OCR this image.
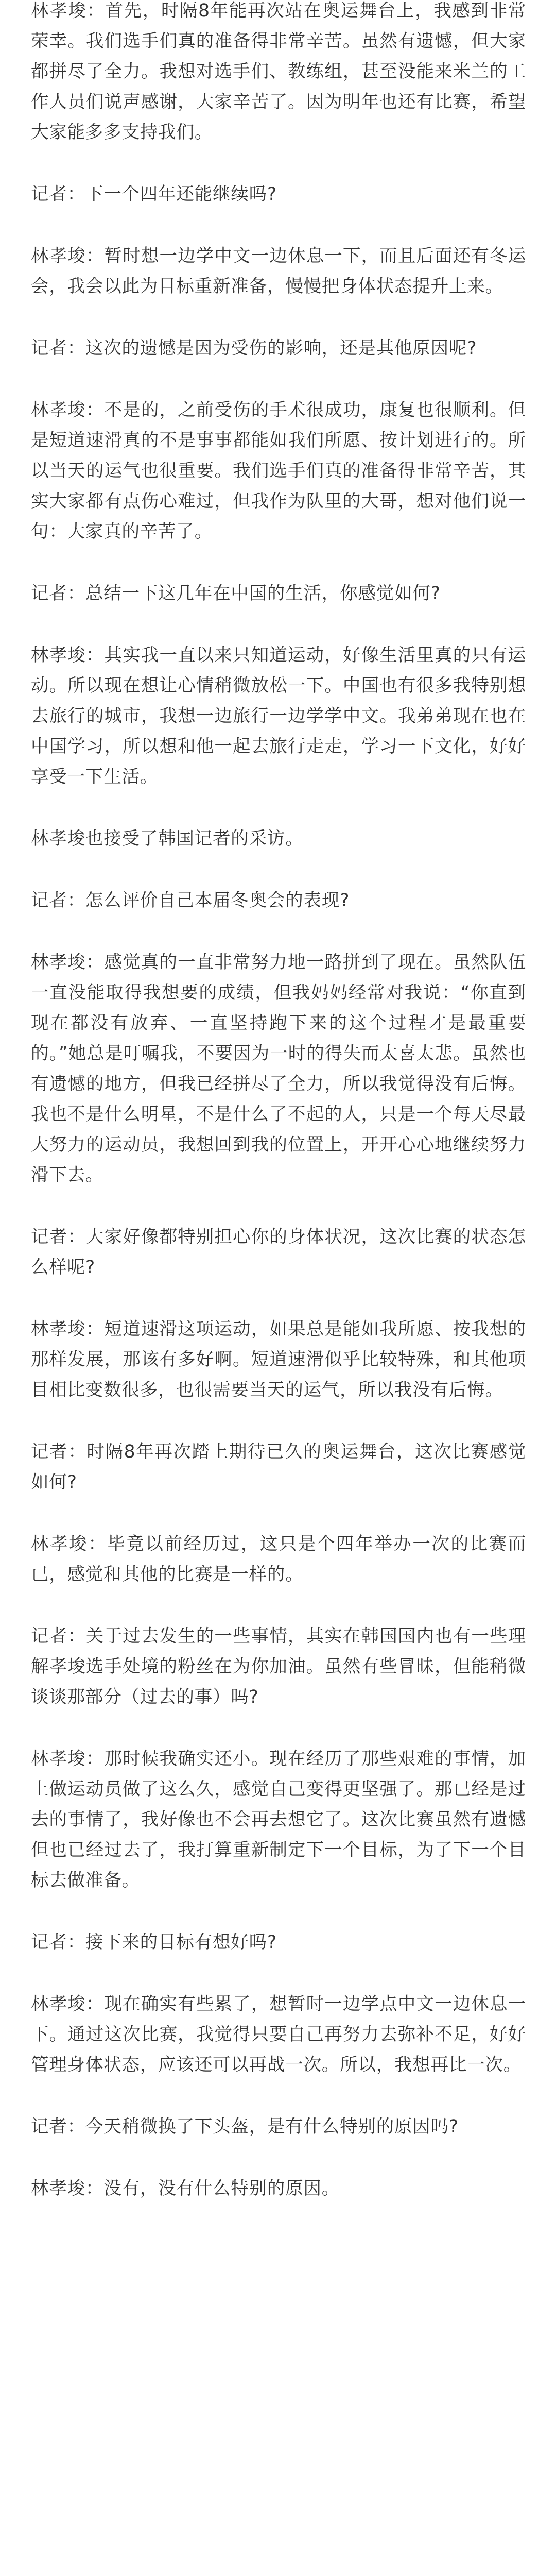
林孝埈：首先，时隔8年能再次站在奥运舞台上，我感到非常荣幸。我们选手们真的准备得非常辛苦。虽然有遗憾，但大家都拼尽了全力。我想对选手们、教练组，甚至没能来米兰的工作人员们说声感谢，大家辛苦了。因为明年也还有比赛，希望大家能多多支持我们。

记者：下一个四年还能继续吗?

林孝埈：暂时想一边学中文一边休息一下，而且后面还有冬运会，我会以此为目标重新准备，慢慢把身体状态提升上来。

记者：这次的遗憾是因为受伤的影响，还是其他原因呢?

林孝埈：不是的，之前受伤的手术很成功，康复也很顺利。但是短道速滑真的不是事事都能如我们所愿、按计划进行的。所以当天的运气也很重要。我们选手们真的准备得非常辛苦，其实大家都有点伤心难过，但我作为队里的大哥，想对他们说一句：大家真的辛苦了。

记者：总结一下这几年在中国的生活，你感觉如何?

林孝埈：其实我一直以来只知道运动，好像生活里真的只有运动。所以现在想让心情稍微放松一下。中国也有很多我特别想去旅行的城市，我想一边旅行一边学学中文。我弟弟现在也在中国学习，所以想和他一起去旅行走走，学习一下文化，好好享受一下生活。

林孝埈也接受了韩国记者的采访。

记者：怎么评价自己本届冬奥会的表现?

林孝埈：感觉真的一直非常努力地一路拼到了现在。虽然队伍一直没能取得我想要的成绩，但我妈妈经常对我说：“你直到现在都没有放弃、一直坚持跑下来的这个过程才是最重要的。”她总是叮嘱我，不要因为一时的得失而太喜太悲。虽然也有遗憾的地方，但我已经拼尽了全力，所以我觉得没有后悔。我也不是什么明星，不是什么了不起的人，只是一个每天尽最大努力的运动员，我想回到我的位置上，开开心心地继续努力滑下去。

记者：大家好像都特别担心你的身体状况，这次比赛的状态怎么样呢?

林孝埈：短道速滑这项运动，如果总是能如我所愿、按我想的那样发展，那该有多好啊。短道速滑似乎比较特殊，和其他项目相比变数很多，也很需要当天的运气，所以我没有后悔。

记者：时隔8年再次踏上期待已久的奥运舞台，这次比赛感觉如何?

林孝埈：毕竟以前经历过，这只是个四年举办一次的比赛而已，感觉和其他的比赛是一样的。

记者：关于过去发生的一些事情，其实在韩国国内也有一些理解孝埈选手处境的粉丝在为你加油。虽然有些冒昧，但能稍微谈谈那部分（过去的事）吗?

林孝埈：那时候我确实还小。现在经历了那些艰难的事情，加上做运动员做了这么久，感觉自己变得更坚强了。那已经是过去的事情了，我好像也不会再去想它了。这次比赛虽然有遗憾但也已经过去了，我打算重新制定下一个目标，为了下一个目标去做准备。

记者：接下来的目标有想好吗?

林孝埈：现在确实有些累了，想暂时一边学点中文一边休息一下。通过这次比赛，我觉得只要自己再努力去弥补不足，好好管理身体状态，应该还可以再战一次。所以，我想再比一次。

记者：今天稍微换了下头盔，是有什么特别的原因吗?

林孝埈：没有，没有什么特别的原因。
